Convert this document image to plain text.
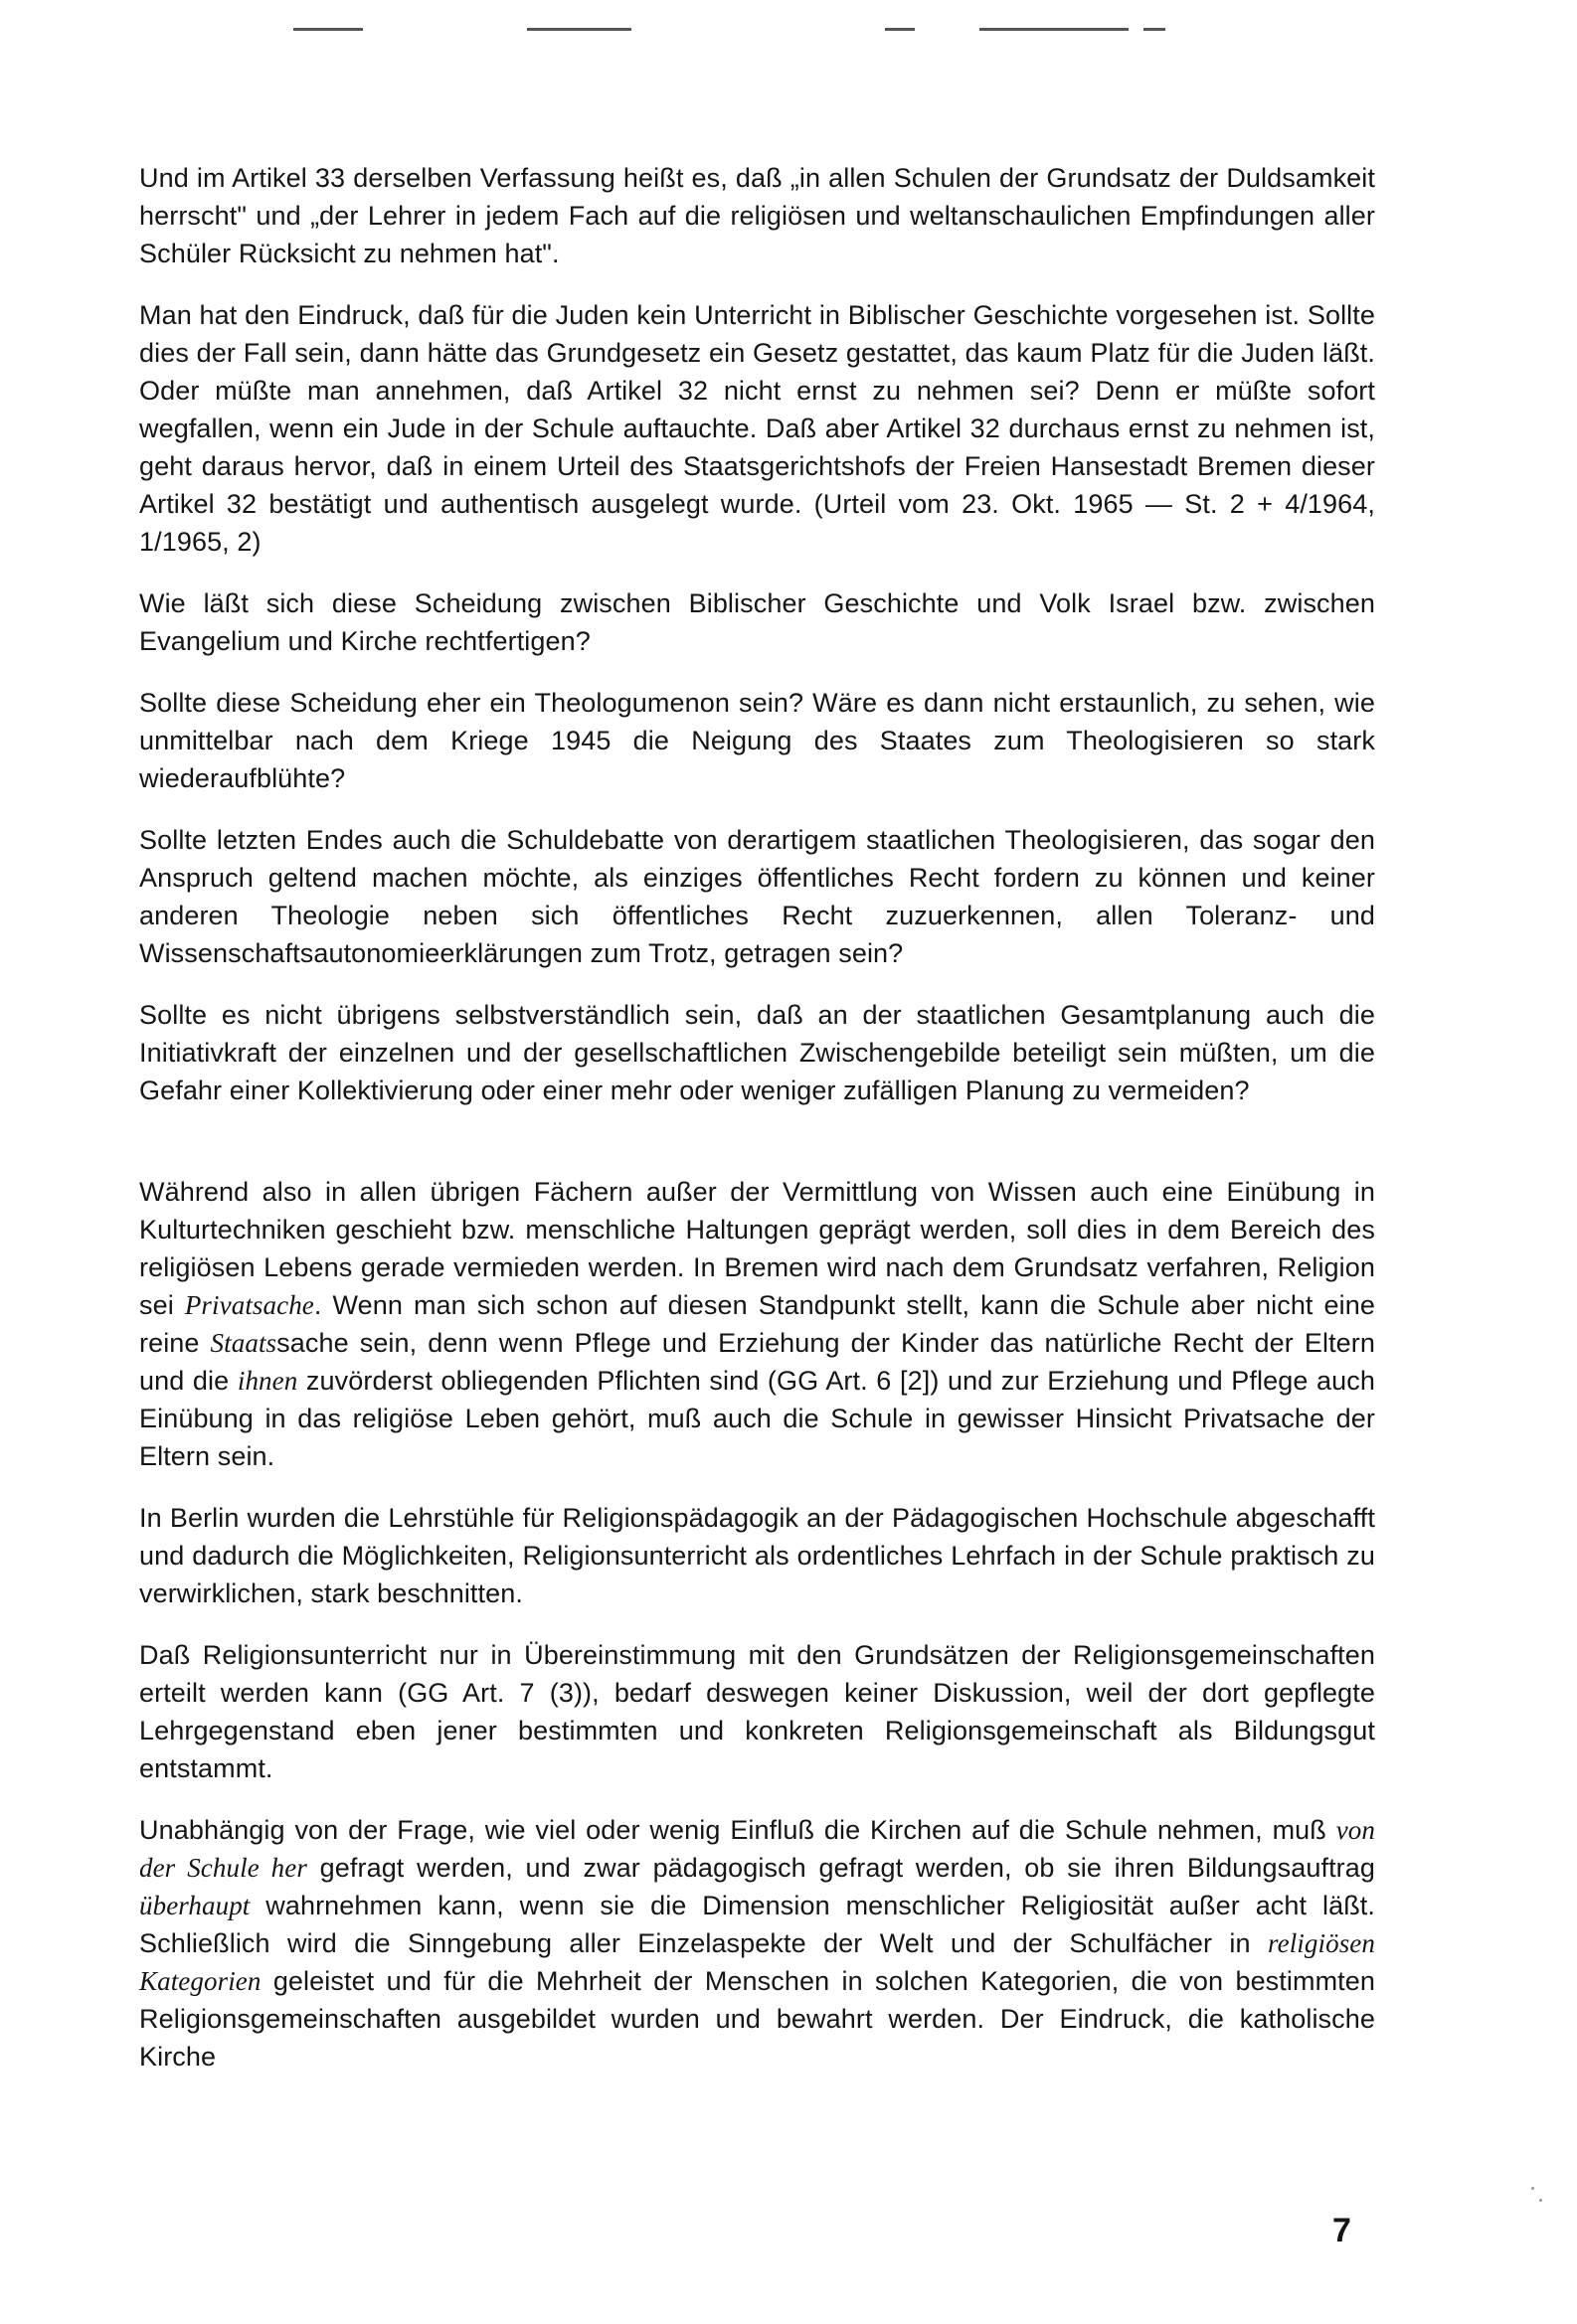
Und im Artikel 33 derselben Verfassung heißt es, daß „in allen Schulen der Grundsatz der Duldsamkeit herrscht" und „der Lehrer in jedem Fach auf die religiösen und weltanschaulichen Empfindungen aller Schüler Rücksicht zu nehmen hat".

Man hat den Eindruck, daß für die Juden kein Unterricht in Biblischer Geschichte vorgesehen ist. Sollte dies der Fall sein, dann hätte das Grundgesetz ein Gesetz gestattet, das kaum Platz für die Juden läßt. Oder müßte man annehmen, daß Artikel 32 nicht ernst zu nehmen sei? Denn er müßte sofort wegfallen, wenn ein Jude in der Schule auftauchte. Daß aber Artikel 32 durchaus ernst zu nehmen ist, geht daraus hervor, daß in einem Urteil des Staatsgerichtshofs der Freien Hansestadt Bremen dieser Artikel 32 bestätigt und authentisch ausgelegt wurde. (Urteil vom 23. Okt. 1965 — St. 2 + 4/1964, 1/1965, 2)

Wie läßt sich diese Scheidung zwischen Biblischer Geschichte und Volk Israel bzw. zwischen Evangelium und Kirche rechtfertigen?

Sollte diese Scheidung eher ein Theologumenon sein? Wäre es dann nicht erstaunlich, zu sehen, wie unmittelbar nach dem Kriege 1945 die Neigung des Staates zum Theologisieren so stark wiederaufblühte?

Sollte letzten Endes auch die Schuldebatte von derartigem staatlichen Theologisieren, das sogar den Anspruch geltend machen möchte, als einziges öffentliches Recht fordern zu können und keiner anderen Theologie neben sich öffentliches Recht zuzuerkennen, allen Toleranz- und Wissenschaftsautonomieerklärungen zum Trotz, getragen sein?

Sollte es nicht übrigens selbstverständlich sein, daß an der staatlichen Gesamtplanung auch die Initiativkraft der einzelnen und der gesellschaftlichen Zwischengebilde beteiligt sein müßten, um die Gefahr einer Kollektivierung oder einer mehr oder weniger zufälligen Planung zu vermeiden?

Während also in allen übrigen Fächern außer der Vermittlung von Wissen auch eine Einübung in Kulturtechniken geschieht bzw. menschliche Haltungen geprägt werden, soll dies in dem Bereich des religiösen Lebens gerade vermieden werden. In Bremen wird nach dem Grundsatz verfahren, Religion sei Privatsache. Wenn man sich schon auf diesen Standpunkt stellt, kann die Schule aber nicht eine reine Staatssache sein, denn wenn Pflege und Erziehung der Kinder das natürliche Recht der Eltern und die ihnen zuvörderst obliegenden Pflichten sind (GG Art. 6 [2]) und zur Erziehung und Pflege auch Einübung in das religiöse Leben gehört, muß auch die Schule in gewisser Hinsicht Privatsache der Eltern sein.

In Berlin wurden die Lehrstühle für Religionspädagogik an der Pädagogischen Hochschule abgeschafft und dadurch die Möglichkeiten, Religionsunterricht als ordentliches Lehrfach in der Schule praktisch zu verwirklichen, stark beschnitten.

Daß Religionsunterricht nur in Übereinstimmung mit den Grundsätzen der Religionsgemeinschaften erteilt werden kann (GG Art. 7 (3)), bedarf deswegen keiner Diskussion, weil der dort gepflegte Lehrgegenstand eben jener bestimmten und konkreten Religionsgemeinschaft als Bildungsgut entstammt.

Unabhängig von der Frage, wie viel oder wenig Einfluß die Kirchen auf die Schule nehmen, muß von der Schule her gefragt werden, und zwar pädagogisch gefragt werden, ob sie ihren Bildungsauftrag überhaupt wahrnehmen kann, wenn sie die Dimension menschlicher Religiosität außer acht läßt. Schließlich wird die Sinngebung aller Einzelaspekte der Welt und der Schulfächer in religiösen Kategorien geleistet und für die Mehrheit der Menschen in solchen Kategorien, die von bestimmten Religionsgemeinschaften ausgebildet wurden und bewahrt werden. Der Eindruck, die katholische Kirche

7
